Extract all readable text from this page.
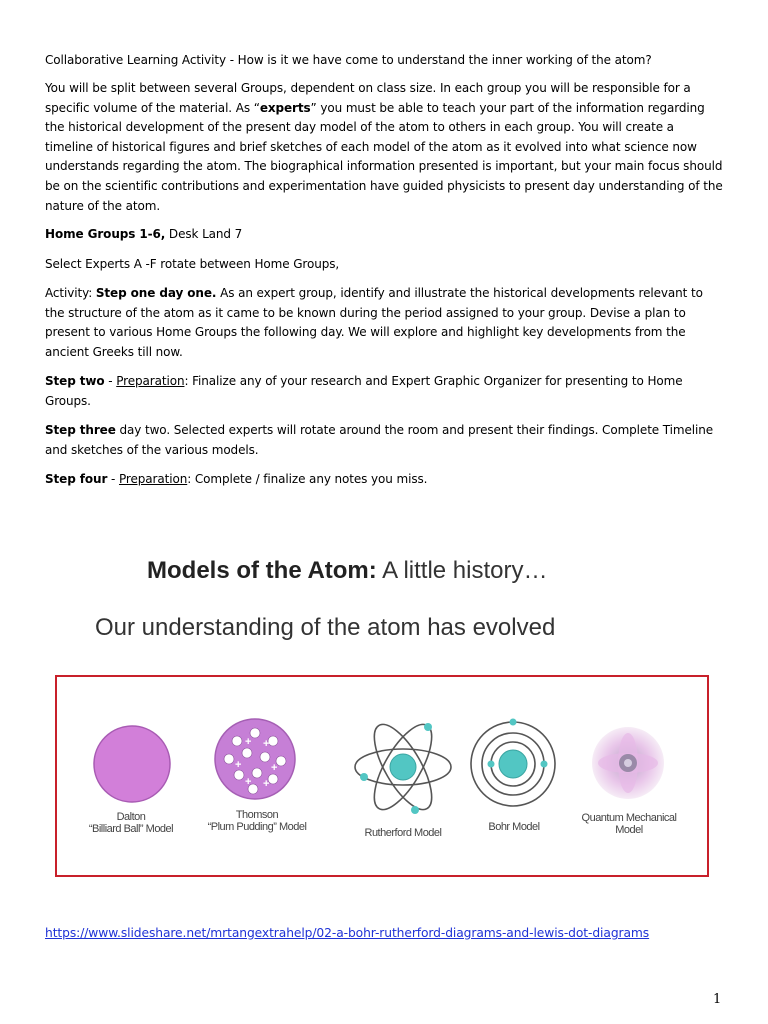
Collaborative Learning Activity - How is it we have come to understand the inner working of the atom?

You will be split between several Groups, dependent on class size. In each group you will be responsible for a specific volume of the material. As “experts” you must be able to teach your part of the information regarding the historical development of the present day model of the atom to others in each group. You will create a timeline of historical figures and brief sketches of each model of the atom as it evolved into what science now understands regarding the atom. The biographical information presented is important, but your main focus should be on the scientific contributions and experimentation have guided physicists to present day understanding of the nature of the atom.

Home Groups 1-6, Desk Land 7

Select Experts A -F rotate between Home Groups,

Activity: Step one day one. As an expert group, identify and illustrate the historical developments relevant to the structure of the atom as it came to be known during the period assigned to your group. Devise a plan to present to various Home Groups the following day. We will explore and highlight key developments from the ancient Greeks till now.

Step two - Preparation: Finalize any of your research and Expert Graphic Organizer for presenting to Home Groups.

Step three day two. Selected experts will rotate around the room and present their findings. Complete Timeline and sketches of the various models.

Step four - Preparation: Complete / finalize any notes you miss.

Models of the Atom: A little history…
Our understanding of the atom has evolved
+ +
+	+
+ +
Dalton
“Billiard Ball” Model
Thomson
“Plum Pudding” Model	Rutherford Model	Bohr Model
Quantum Mechanical
Model
https://www.slideshare.net/mrtangextrahelp/02-a-bohr-rutherford-diagrams-and-lewis-dot-diagrams
1
